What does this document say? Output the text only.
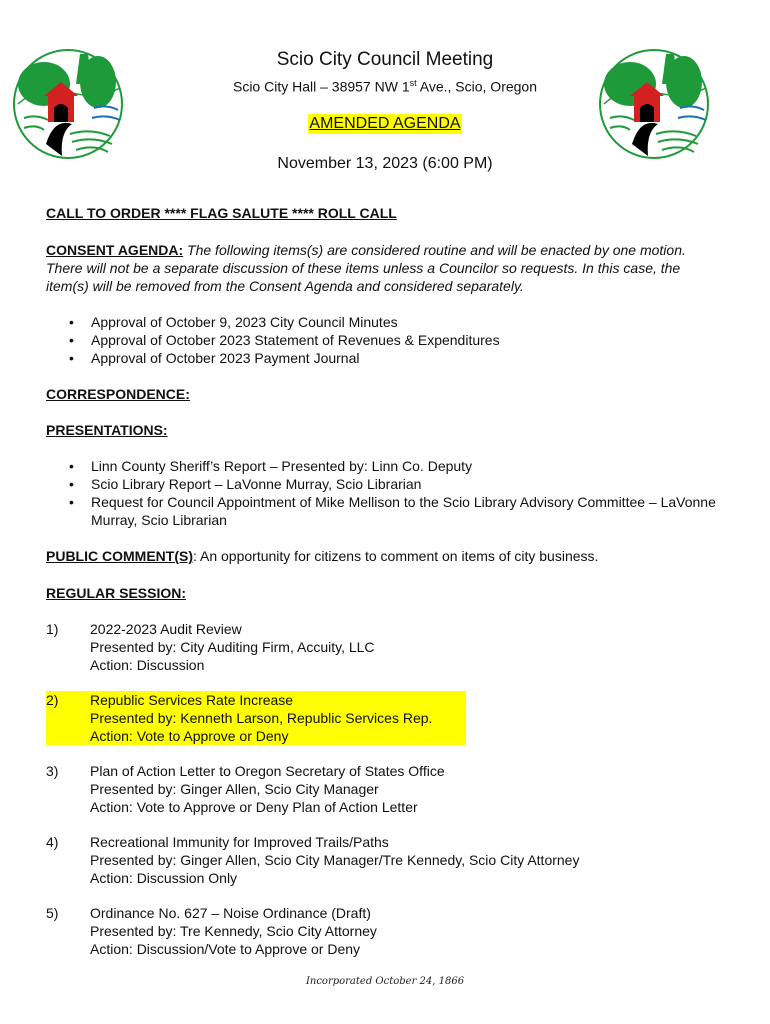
Scio City Council Meeting
Scio City Hall – 38957 NW 1st Ave., Scio, Oregon
AMENDED AGENDA
November 13, 2023 (6:00 PM)
CALL TO ORDER **** FLAG SALUTE **** ROLL CALL

CONSENT AGENDA: The following items(s) are considered routine and will be enacted by one motion. There will not be a separate discussion of these items unless a Councilor so requests. In this case, the item(s) will be removed from the Consent Agenda and considered separately.

• Approval of October 9, 2023 City Council Minutes
• Approval of October 2023 Statement of Revenues & Expenditures
• Approval of October 2023 Payment Journal
CORRESPONDENCE:
PRESENTATIONS:
• Linn County Sheriff’s Report – Presented by: Linn Co. Deputy
• Scio Library Report – LaVonne Murray, Scio Librarian
• Request for Council Appointment of Mike Mellison to the Scio Library Advisory Committee – LaVonne Murray, Scio Librarian

PUBLIC COMMENT(S): An opportunity for citizens to comment on items of city business.

REGULAR SESSION:
1)	2022-2023 Audit Review
Presented by: City Auditing Firm, Accuity, LLC
Action: Discussion
2)	Republic Services Rate Increase
Presented by: Kenneth Larson, Republic Services Rep.
Action: Vote to Approve or Deny
3)	Plan of Action Letter to Oregon Secretary of States Office
Presented by: Ginger Allen, Scio City Manager
Action: Vote to Approve or Deny Plan of Action Letter
4)	Recreational Immunity for Improved Trails/Paths
Presented by: Ginger Allen, Scio City Manager/Tre Kennedy, Scio City Attorney
Action: Discussion Only
5)	Ordinance No. 627 – Noise Ordinance (Draft)
Presented by: Tre Kennedy, Scio City Attorney
Action: Discussion/Vote to Approve or Deny
Incorporated October 24, 1866
